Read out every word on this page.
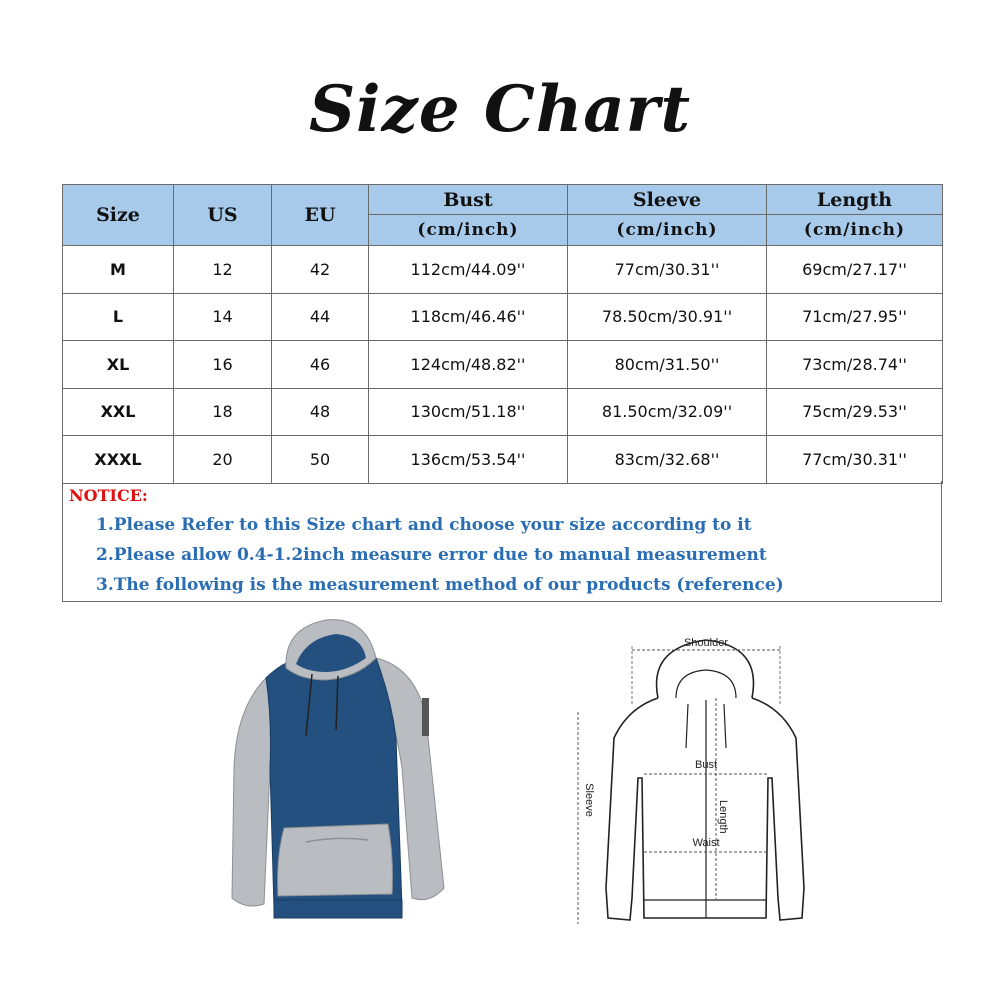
Size Chart
Size	US	EU	Bust	Sleeve	Length
			(cm/inch)	(cm/inch)	(cm/inch)
M	12	42	112cm/44.09''	77cm/30.31''	69cm/27.17''
L	14	44	118cm/46.46''	78.50cm/30.91''	71cm/27.95''
XL	16	46	124cm/48.82''	80cm/31.50''	73cm/28.74''
XXL	18	48	130cm/51.18''	81.50cm/32.09''	75cm/29.53''
XXXL	20	50	136cm/53.54''	83cm/32.68''	77cm/30.31''
NOTICE:
1.Please Refer to this Size chart and choose your size according to it
2.Please allow 0.4-1.2inch measure error due to manual measurement
3.The following is the measurement method of our products (reference)
Shoulder
Bust
Length
Waist
Sleeve
